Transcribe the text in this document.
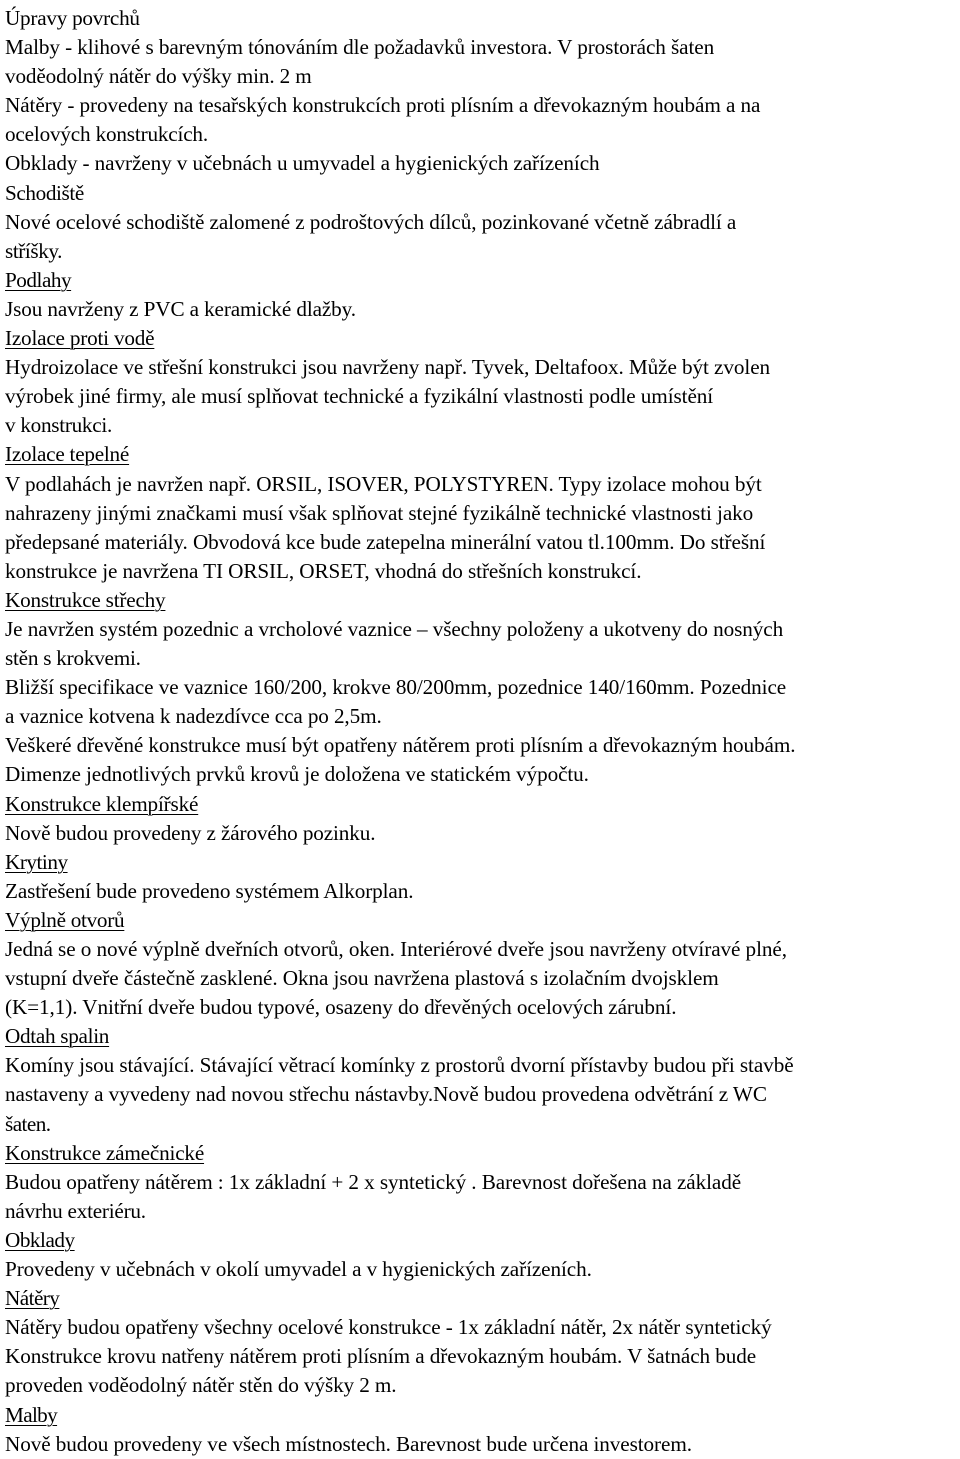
Úpravy povrchů
Malby - klihové s barevným tónováním dle požadavků investora. V prostorách šaten
voděodolný nátěr do výšky min. 2 m
Nátěry - provedeny na tesařských konstrukcích proti plísním a dřevokazným houbám a na
ocelových konstrukcích.
Obklady - navrženy v učebnách u umyvadel a hygienických zařízeních
Schodiště
Nové ocelové schodiště zalomené z podroštových dílců, pozinkované včetně zábradlí a
stříšky.
Podlahy
Jsou navrženy z PVC a keramické dlažby.
Izolace proti vodě
Hydroizolace ve střešní konstrukci jsou navrženy např. Tyvek, Deltafoox. Může být zvolen
výrobek jiné firmy, ale musí splňovat technické a fyzikální vlastnosti podle umístění
v konstrukci.
Izolace tepelné
V podlahách je navržen např. ORSIL, ISOVER, POLYSTYREN. Typy izolace mohou být
nahrazeny jinými značkami musí však splňovat stejné fyzikálně technické vlastnosti jako
předepsané materiály. Obvodová kce bude zatepelna minerální vatou tl.100mm. Do střešní
konstrukce je navržena TI ORSIL, ORSET, vhodná do střešních konstrukcí.
Konstrukce střechy
Je navržen systém pozednic a vrcholové vaznice – všechny položeny a ukotveny do nosných
stěn s krokvemi.
Bližší specifikace ve vaznice 160/200, krokve 80/200mm, pozednice 140/160mm. Pozednice
a vaznice kotvena k nadezdívce cca po 2,5m.
Veškeré dřevěné konstrukce musí být opatřeny nátěrem proti plísním a dřevokazným houbám.
Dimenze jednotlivých prvků krovů je doložena ve statickém výpočtu.
Konstrukce klempířské
Nově budou provedeny z žárového pozinku.
Krytiny
Zastřešení bude provedeno systémem Alkorplan.
Výplně otvorů
Jedná se o nové výplně dveřních otvorů, oken. Interiérové dveře jsou navrženy otvíravé plné,
vstupní dveře částečně zasklené. Okna jsou navržena plastová s izolačním dvojsklem
(K=1,1). Vnitřní dveře budou typové, osazeny do dřevěných ocelových zárubní.
Odtah spalin
Komíny jsou stávající. Stávající větrací komínky z prostorů dvorní přístavby budou při stavbě
nastaveny a vyvedeny nad novou střechu nástavby.Nově budou provedena odvětrání z WC
šaten.
Konstrukce zámečnické
Budou opatřeny nátěrem : 1x základní + 2 x syntetický . Barevnost dořešena na základě
návrhu exteriéru.
Obklady
Provedeny v učebnách v okolí umyvadel a v hygienických zařízeních.
Nátěry
Nátěry budou opatřeny všechny ocelové konstrukce - 1x základní nátěr, 2x nátěr syntetický
Konstrukce krovu natřeny nátěrem proti plísním a dřevokazným houbám. V šatnách bude
proveden voděodolný nátěr stěn do výšky 2 m.
Malby
Nově budou provedeny ve všech místnostech. Barevnost bude určena investorem.
